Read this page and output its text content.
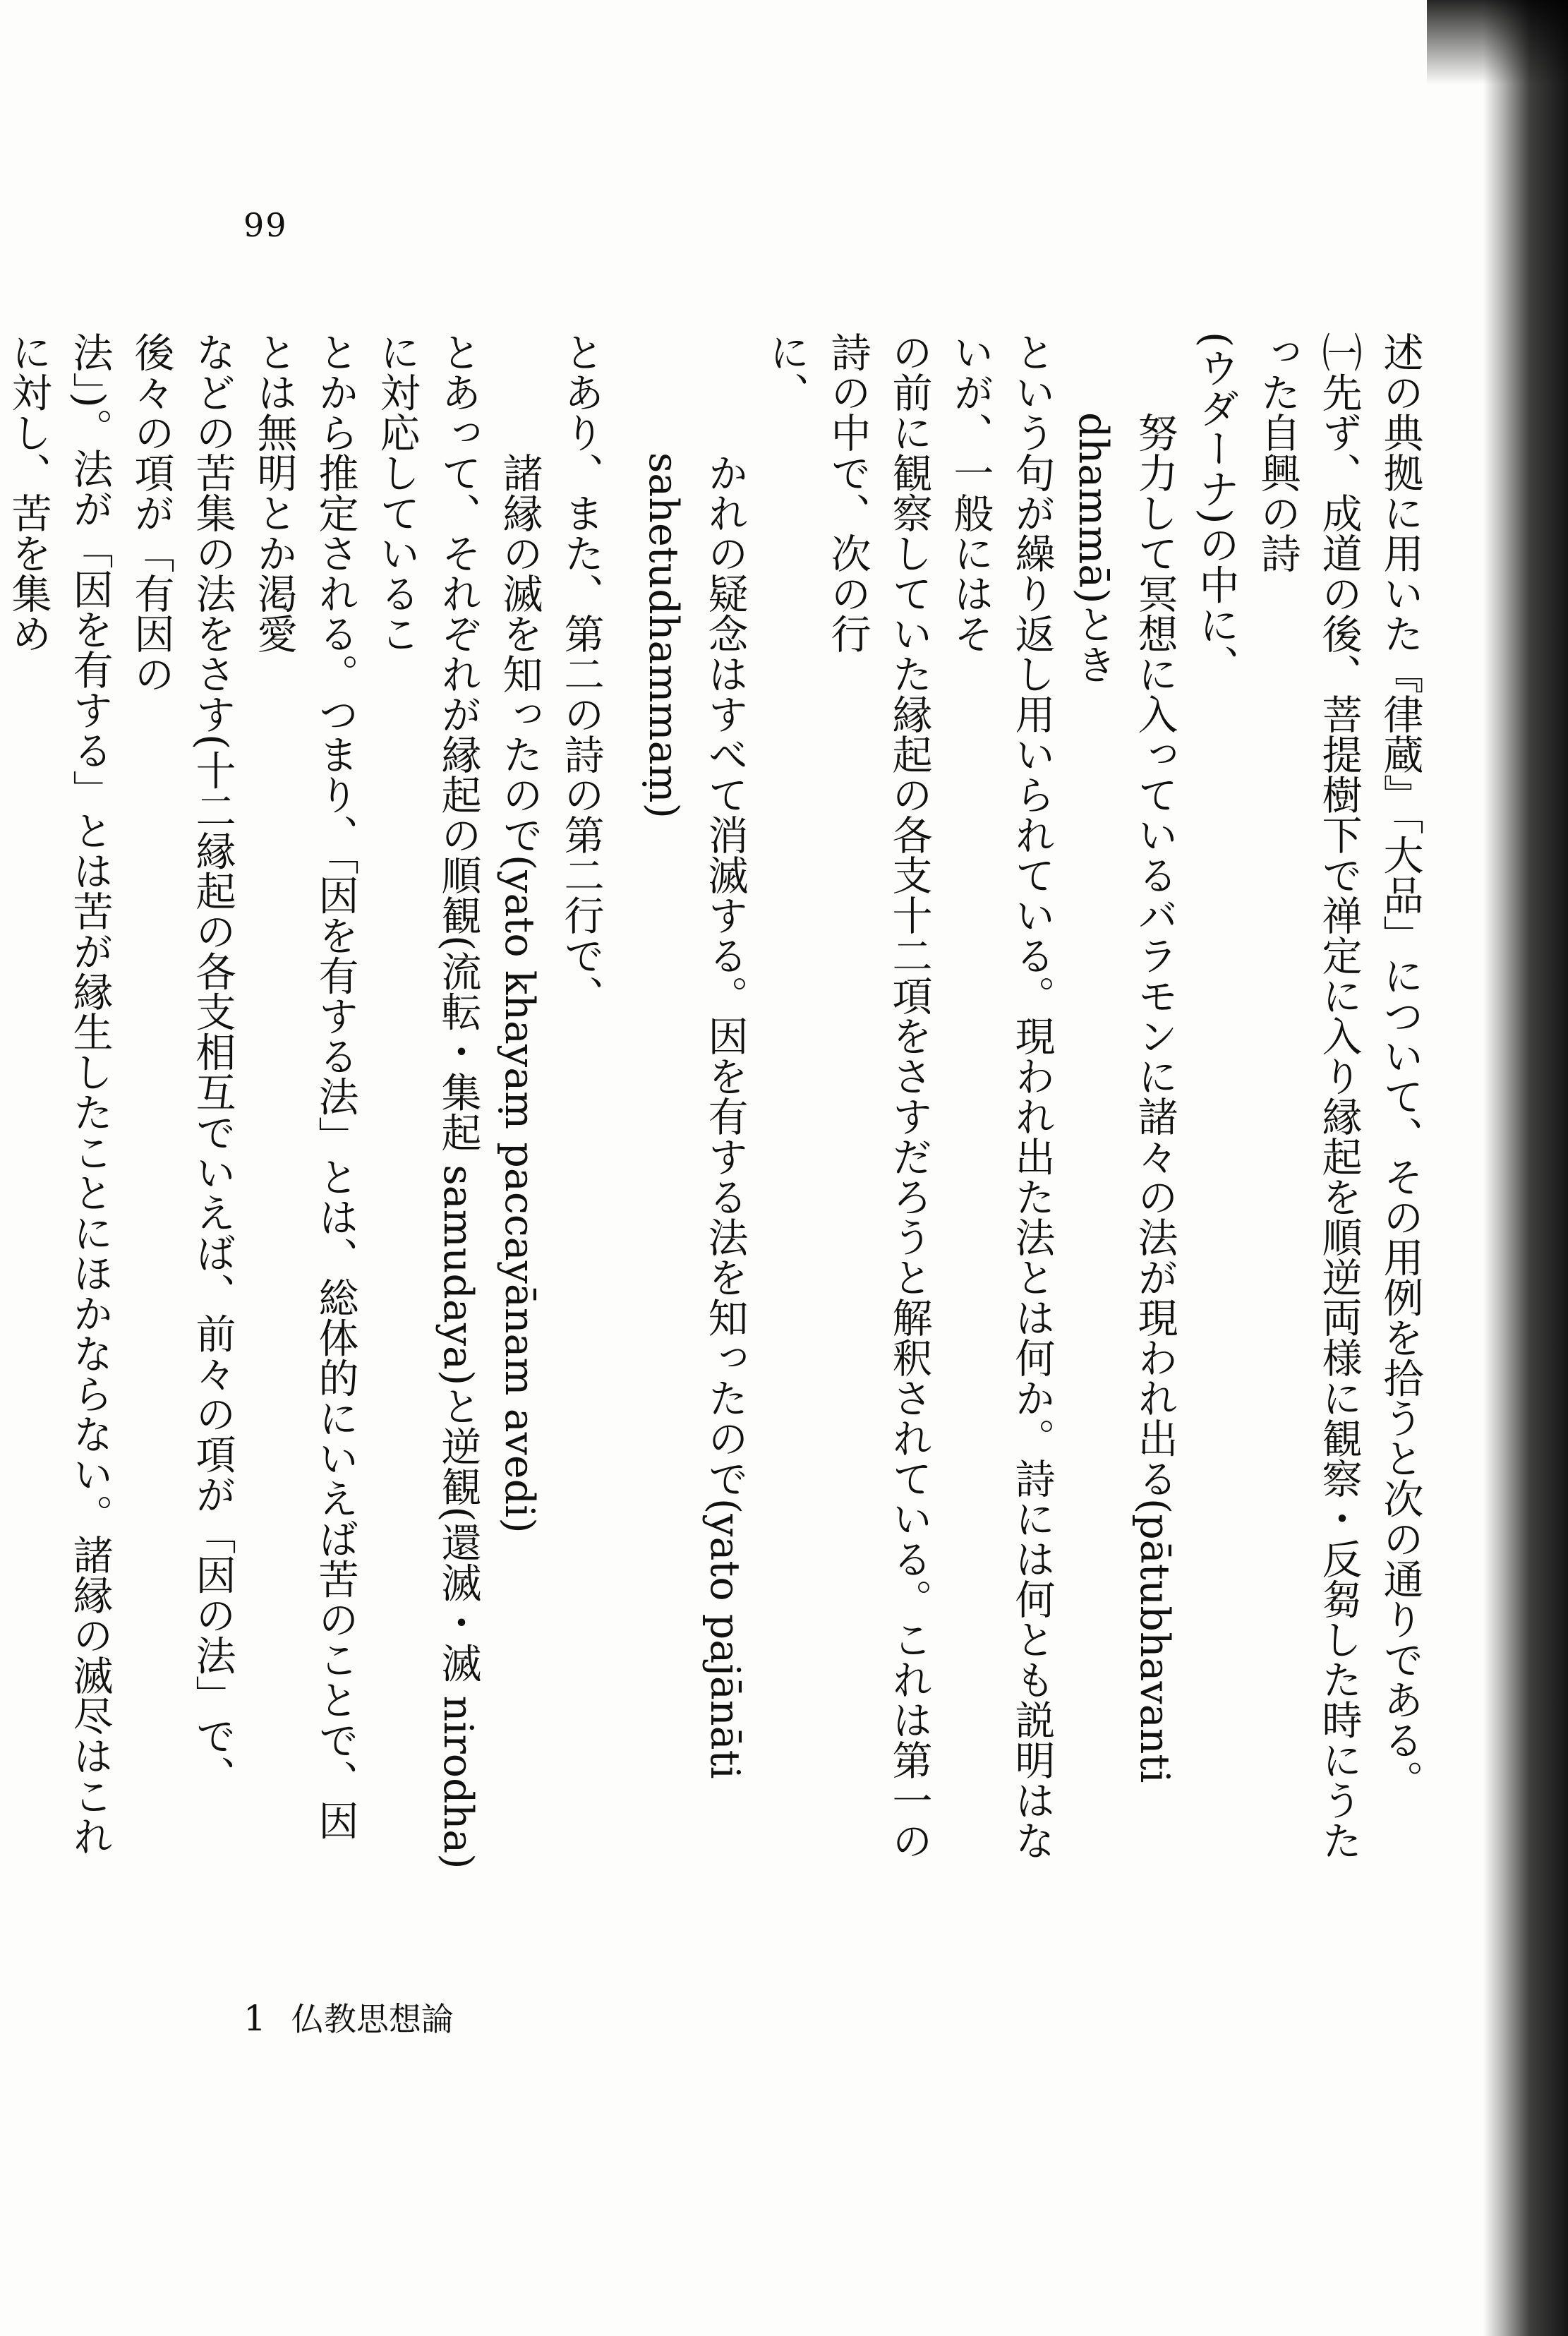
99

述の典拠に用いた『律蔵』「大品」について、その用例を拾うと次の通りである。

㈠先ず、成道の後、菩提樹下で禅定に入り縁起を順逆両様に観察・反芻した時にうたった自興の詩

(ウダーナ)の中に、

努力して冥想に入っているバラモンに諸々の法が現われ出る(pātubhavanti dhammā)とき

という句が繰り返し用いられている。現われ出た法とは何か。詩には何とも説明はないが、一般にはそ

の前に観察していた縁起の各支十二項をさすだろうと解釈されている。これは第一の詩の中で、次の行

に、

かれの疑念はすべて消滅する。因を有する法を知ったので(yato pajānāti sahetudhammaṃ)

とあり、また、第二の詩の第二行で、

諸縁の滅を知ったので(yato khayaṃ paccayānam avedi)

とあって、それぞれが縁起の順観(流転・集起 samudaya)と逆観(還滅・滅 nirodha)に対応しているこ

とから推定される。つまり、「因を有する法」とは、総体的にいえば苦のことで、因とは無明とか渇愛

などの苦集の法をさす(十二縁起の各支相互でいえば、前々の項が「因の法」で、後々の項が「有因の

法」)。法が「因を有する」とは苦が縁生したことにほかならない。諸縁の滅尽はこれに対し、苦を集め

1 仏教思想論
